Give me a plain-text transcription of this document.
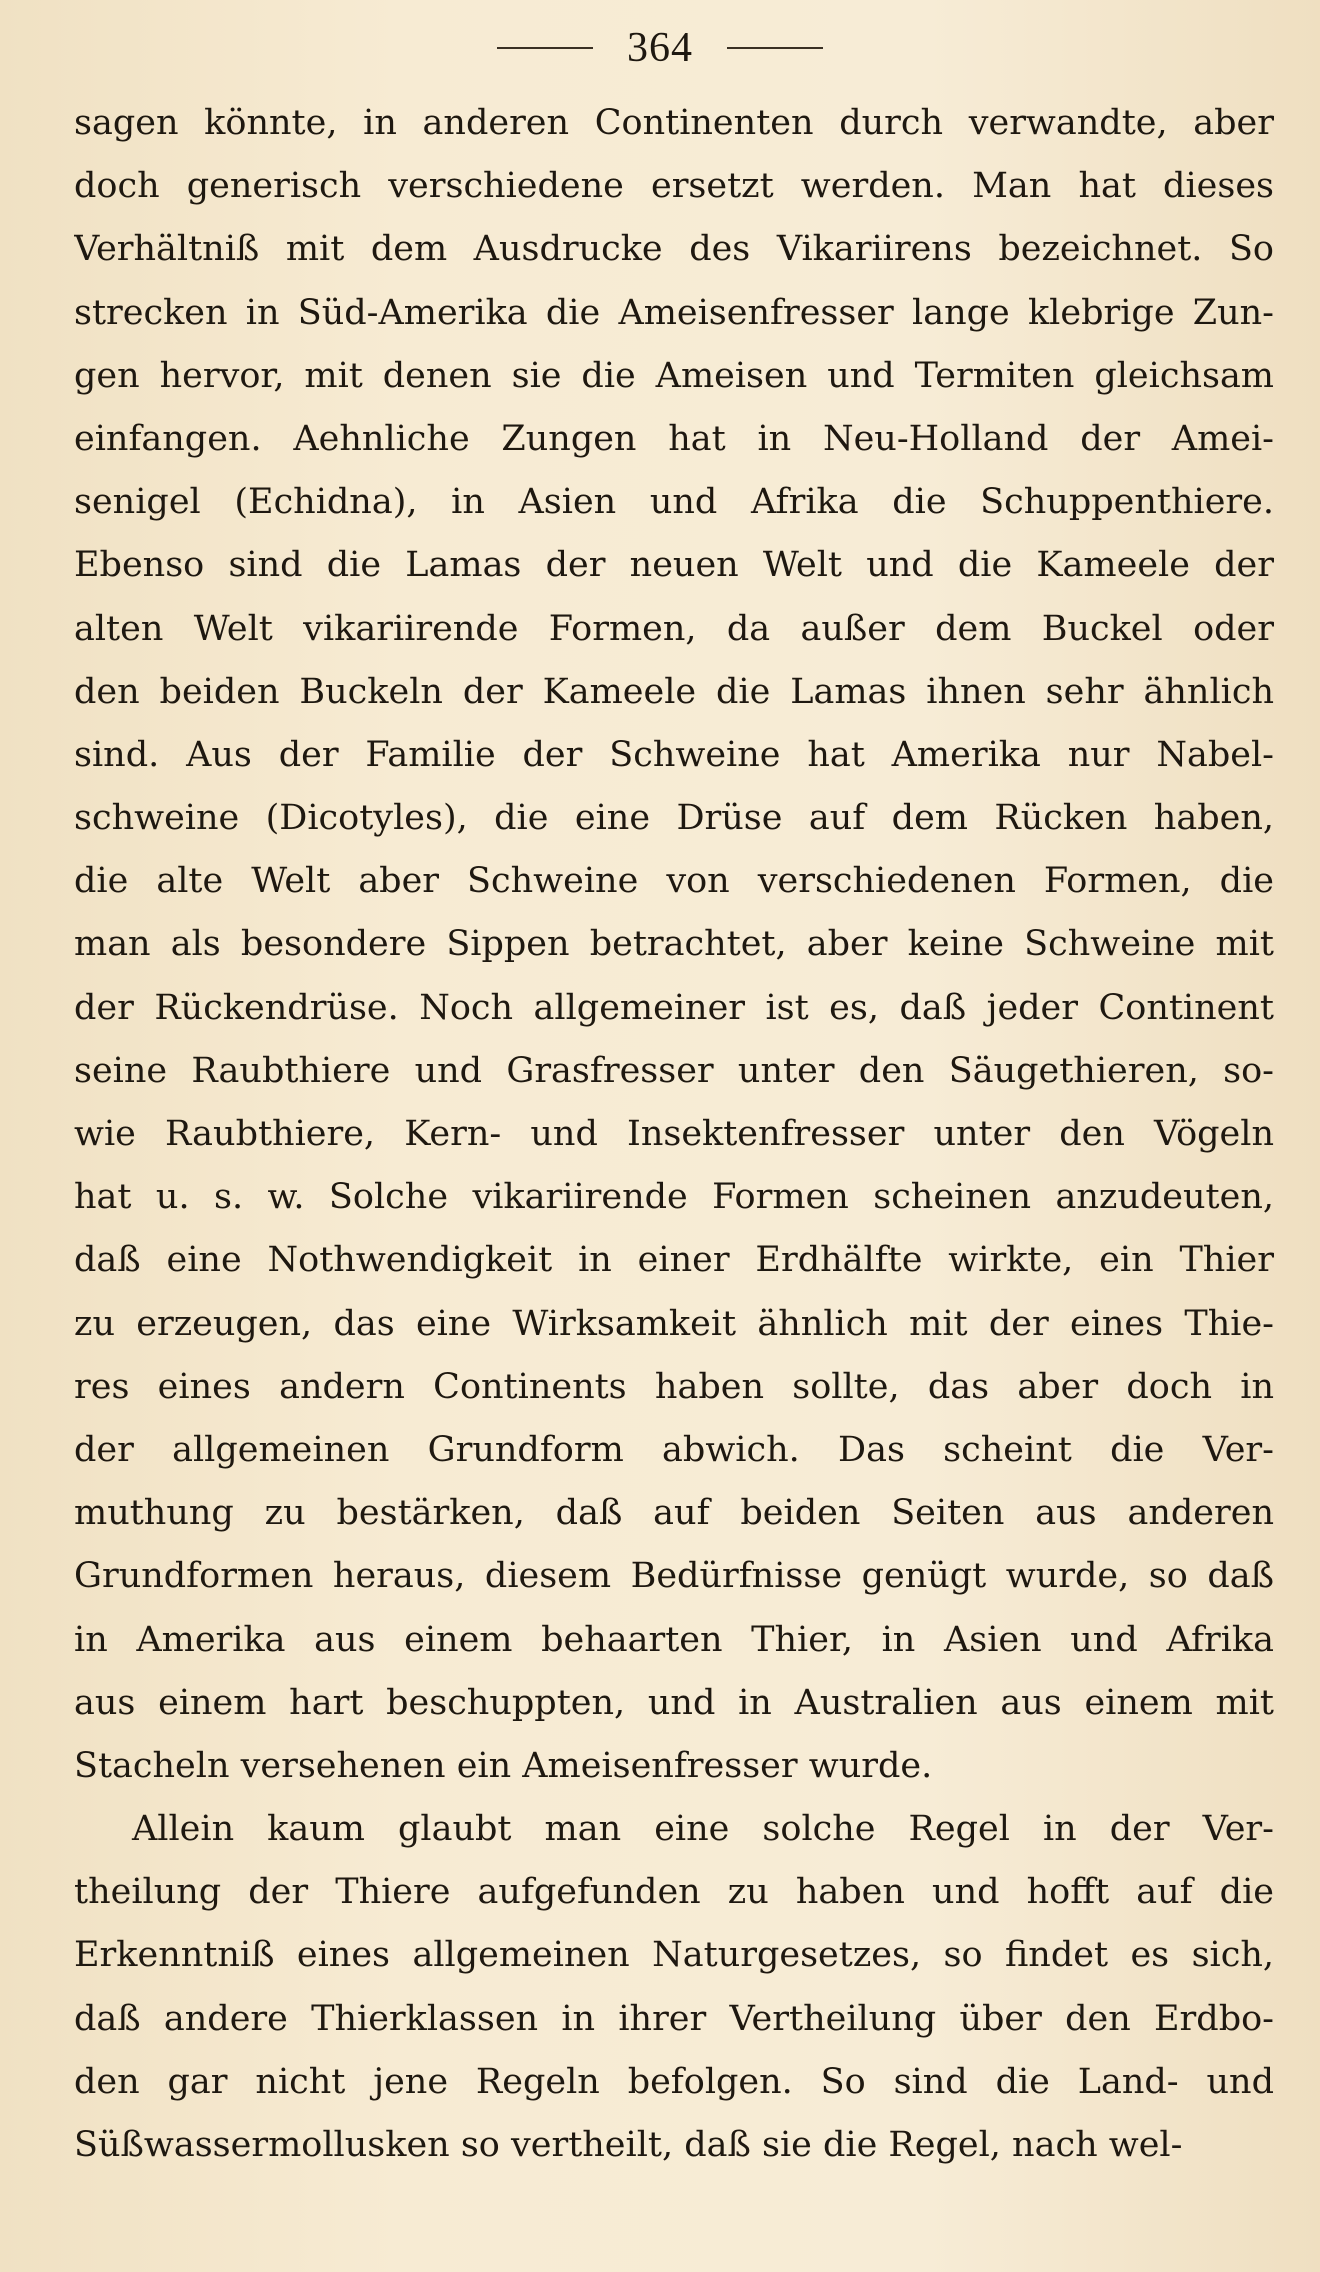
364
sagen könnte, in anderen Continenten durch verwandte, aber
doch generisch verschiedene ersetzt werden. Man hat dieses
Verhältniß mit dem Ausdrucke des Vikariirens bezeichnet. So
strecken in Süd-Amerika die Ameisenfresser lange klebrige Zun-
gen hervor, mit denen sie die Ameisen und Termiten gleichsam
einfangen. Aehnliche Zungen hat in Neu-Holland der Amei-
senigel (Echidna), in Asien und Afrika die Schuppenthiere.
Ebenso sind die Lamas der neuen Welt und die Kameele der
alten Welt vikariirende Formen, da außer dem Buckel oder
den beiden Buckeln der Kameele die Lamas ihnen sehr ähnlich
sind. Aus der Familie der Schweine hat Amerika nur Nabel-
schweine (Dicotyles), die eine Drüse auf dem Rücken haben,
die alte Welt aber Schweine von verschiedenen Formen, die
man als besondere Sippen betrachtet, aber keine Schweine mit
der Rückendrüse. Noch allgemeiner ist es, daß jeder Continent
seine Raubthiere und Grasfresser unter den Säugethieren, so-
wie Raubthiere, Kern- und Insektenfresser unter den Vögeln
hat u. s. w. Solche vikariirende Formen scheinen anzudeuten,
daß eine Nothwendigkeit in einer Erdhälfte wirkte, ein Thier
zu erzeugen, das eine Wirksamkeit ähnlich mit der eines Thie-
res eines andern Continents haben sollte, das aber doch in
der allgemeinen Grundform abwich. Das scheint die Ver-
muthung zu bestärken, daß auf beiden Seiten aus anderen
Grundformen heraus, diesem Bedürfnisse genügt wurde, so daß
in Amerika aus einem behaarten Thier, in Asien und Afrika
aus einem hart beschuppten, und in Australien aus einem mit
Stacheln versehenen ein Ameisenfresser wurde.
Allein kaum glaubt man eine solche Regel in der Ver-
theilung der Thiere aufgefunden zu haben und hofft auf die
Erkenntniß eines allgemeinen Naturgesetzes, so findet es sich,
daß andere Thierklassen in ihrer Vertheilung über den Erdbo-
den gar nicht jene Regeln befolgen. So sind die Land- und
Süßwassermollusken so vertheilt, daß sie die Regel, nach wel-
